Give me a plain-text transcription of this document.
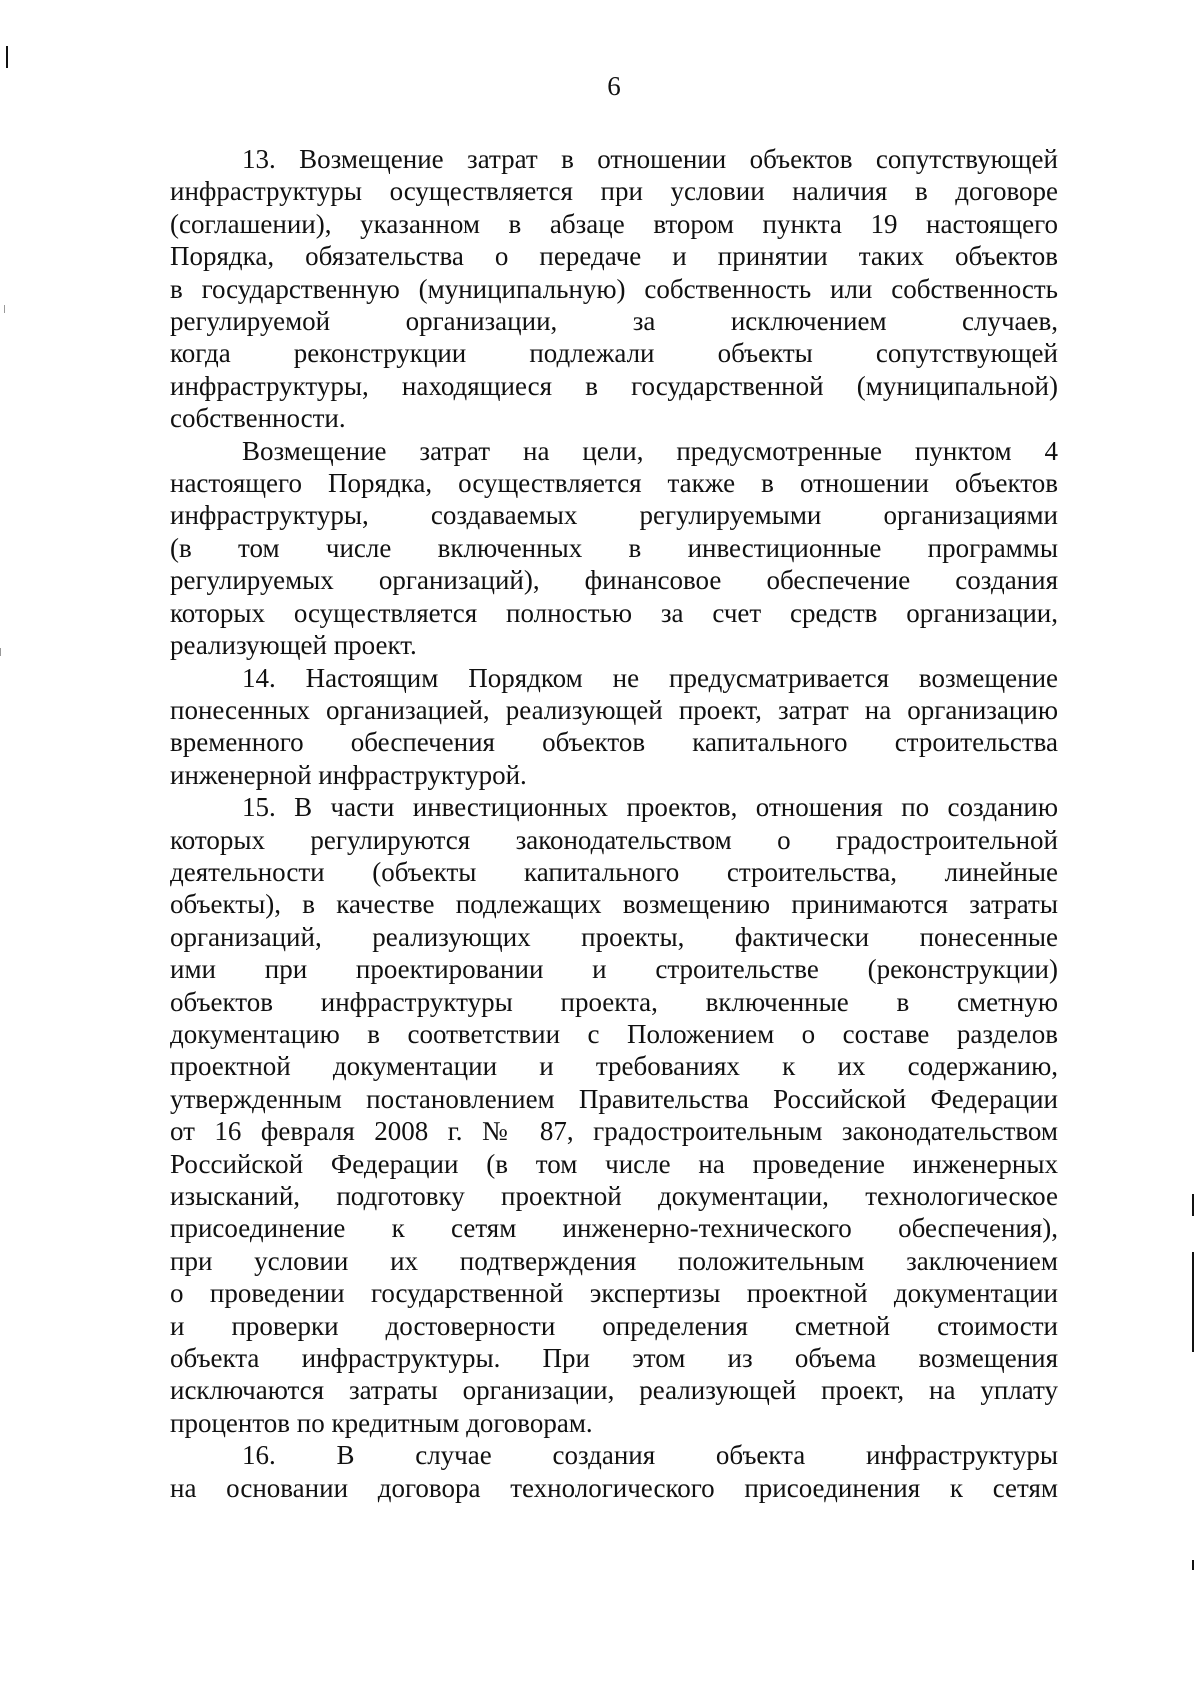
6
13. Возмещение затрат в отношении объектов сопутствующей
инфраструктуры осуществляется при условии наличия в договоре
(соглашении), указанном в абзаце втором пункта 19 настоящего
Порядка, обязательства о передаче и принятии таких объектов
в государственную (муниципальную) собственность или собственность
регулируемой организации, за исключением случаев,
когда реконструкции подлежали объекты сопутствующей
инфраструктуры, находящиеся в государственной (муниципальной)
собственности.
Возмещение затрат на цели, предусмотренные пунктом 4
настоящего Порядка, осуществляется также в отношении объектов
инфраструктуры, создаваемых регулируемыми организациями
(в том числе включенных в инвестиционные программы
регулируемых организаций), финансовое обеспечение создания
которых осуществляется полностью за счет средств организации,
реализующей проект.
14. Настоящим Порядком не предусматривается возмещение
понесенных организацией, реализующей проект, затрат на организацию
временного обеспечения объектов капитального строительства
инженерной инфраструктурой.
15. В части инвестиционных проектов, отношения по созданию
которых регулируются законодательством о градостроительной
деятельности (объекты капитального строительства, линейные
объекты), в качестве подлежащих возмещению принимаются затраты
организаций, реализующих проекты, фактически понесенные
ими при проектировании и строительстве (реконструкции)
объектов инфраструктуры проекта, включенные в сметную
документацию в соответствии с Положением о составе разделов
проектной документации и требованиях к их содержанию,
утвержденным постановлением Правительства Российской Федерации
от 16 февраля 2008 г. № 87, градостроительным законодательством
Российской Федерации (в том числе на проведение инженерных
изысканий, подготовку проектной документации, технологическое
присоединение к сетям инженерно-технического обеспечения),
при условии их подтверждения положительным заключением
о проведении государственной экспертизы проектной документации
и проверки достоверности определения сметной стоимости
объекта инфраструктуры. При этом из объема возмещения
исключаются затраты организации, реализующей проект, на уплату
процентов по кредитным договорам.
16. В случае создания объекта инфраструктуры
на основании договора технологического присоединения к сетям
